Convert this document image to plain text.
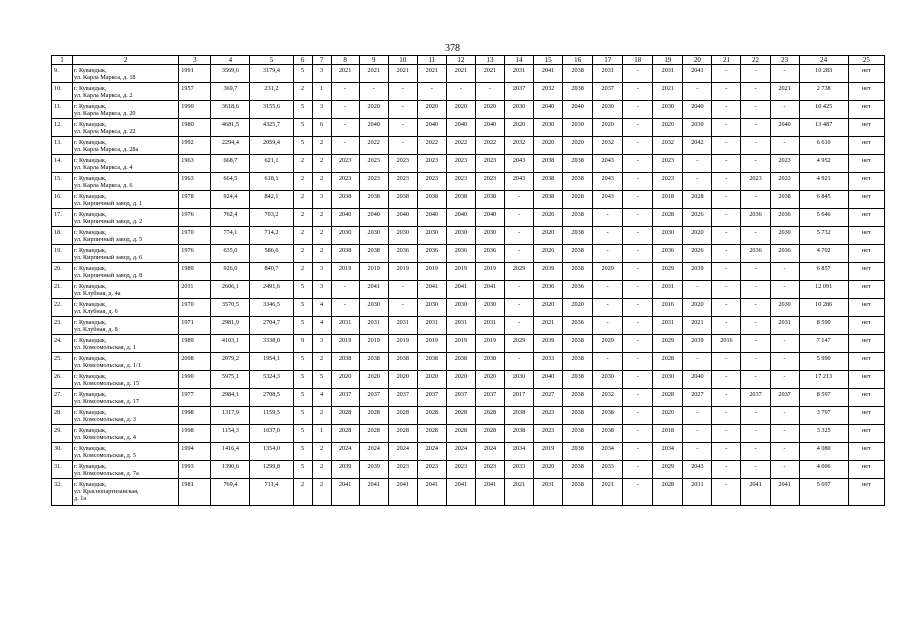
378
1	2	3	4	5	6	7	8	9	10	11	12	13	14	15	16	17	18	19	20	21	22	23	24	25
9.	г. Кувандык,
ул. Карла Маркса, д. 18	1991	3569,6	3179,4	5	3	2021	2021	2021	2021	2021	2021	2031	2041	2038	2031	-	2031	2041	-	-	-	10 283	нет
10.	г. Кувандык,
ул. Карла Маркса, д. 2	1957	369,7	231,2	2	1	-	-	-	-	-	-	2037	2032	2038	2037	-	2021	-	-	-	2021	2 738	нет
11.	г. Кувандык,
ул. Карла Маркса, д. 20	1990	3618,6	3155,6	5	3	-	2020	-	2020	2020	2020	2030	2040	2040	2030	-	2030	2040	-	-	-	10 425	нет
12.	г. Кувандык,
ул. Карла Маркса, д. 22	1980	4681,5	4325,7	5	6	-	2040	-	2040	2040	2040	2020	2030	2030	2020	-	2020	2030	-	-	2040	13 487	нет
13.	г. Кувандык,
ул. Карла Маркса, д. 28а	1992	2294,4	2059,4	5	2	-	2022	-	2022	2022	2022	2032	2020	2020	2032	-	2032	2042	-	-	-	6 610	нет
14.	г. Кувандык,
ул. Карла Маркса, д. 4	1963	668,7	621,1	2	2	2023	2023	2023	2023	2023	2023	2043	2038	2038	2043	-	2023	-	-	-	2023	4 952	нет
15.	г. Кувандык,
ул. Карла Маркса, д. 6	1963	664,5	618,1	2	2	2023	2023	2023	2023	2023	2023	2043	2038	2038	2043	-	2023	-	-	2023	2023	4 921	нет
16.	г. Кувандык,
ул. Кирпичный завод, д. 1	1978	924,4	842,1	2	3	2038	2038	2038	2038	2038	2038	-	2038	2028	2043	-	2018	2028	-	-	2038	6 845	нет
17.	г. Кувандык,
ул. Кирпичный завод, д. 2	1976	762,4	703,2	2	2	2040	2040	2040	2040	2040	2040	-	2026	2038	-	-	2028	2026	-	2036	2036	5 646	нет
18.	г. Кувандык,
ул. Кирпичный завод, д. 5	1970	774,1	714,2	2	2	2030	2030	2030	2030	2030	2030	-	2020	2038	-	-	2030	2020	-	-	2030	5 732	нет
19.	г. Кувандык,
ул. Кирпичный завод, д. 6	1976	635,0	586,6	2	2	2038	2038	2036	2036	2036	2036	-	2026	2038	-	-	2036	2026	-	2036	2036	4 702	нет
20.	г. Кувандык,
ул. Кирпичный завод, д. 8	1989	926,0	840,7	2	3	2019	2019	2019	2019	2019	2019	2029	2039	2038	2029	-	2029	2039	-	-	-	6 857	нет
21.	г. Кувандык,
ул. Клубная, д. 4а	2011	2606,1	2491,6	5	3	-	2041	-	2041	2041	2041	-	2036	2036	-	-	2031	-	-	-	-	12 091	нет
22.	г. Кувандык,
ул. Клубная, д. 6	1970	3570,5	3346,5	5	4	-	2030	-	2030	2030	2030	-	2020	2020	-	-	2016	2020	-	-	2030	10 286	нет
23.	г. Кувандык,
ул. Клубная, д. 8	1971	2981,9	2704,7	5	4	2031	2031	2031	2031	2031	2031	-	2021	2036	-	-	2031	2021	-	-	2031	8 590	нет
24.	г. Кувандык,
ул. Комсомольская, д. 1	1989	4103,1	3338,0	9	3	2019	2019	2019	2019	2019	2019	2029	2039	2038	2029	-	2029	2039	2016	-	-	7 147	нет
25.	г. Кувандык,
ул. Комсомольская, д. 1/1	2008	2079,2	1954,1	5	2	2038	2038	2038	2038	2038	2038	-	2033	2038	-	-	2028	-	-	-	-	5 990	нет
26.	г. Кувандык,
ул. Комсомольская, д. 15	1990	5975,1	5324,3	5	5	2020	2020	2020	2020	2020	2020	2030	2040	2038	2030	-	2030	2040	-	-	-	17 213	нет
27.	г. Кувандык,
ул. Комсомольская, д. 17	1977	2984,1	2708,5	5	4	2037	2037	2037	2037	2037	2037	2017	2027	2038	2032	-	2028	2027	-	2037	2037	8 597	нет
28.	г. Кувандык,
ул. Комсомольская, д. 3	1998	1317,9	1159,5	5	2	2028	2028	2028	2028	2028	2028	2038	2023	2038	2038	-	2020	-	-	-	-	3 797	нет
29.	г. Кувандык,
ул. Комсомольская, д. 4	1998	1154,3	1037,0	5	1	2028	2028	2028	2028	2028	2028	2038	2023	2038	2038	-	2018	-	-	-	-	3 325	нет
30.	г. Кувандык,
ул. Комсомольская, д. 5	1994	1416,4	1354,0	5	2	2024	2024	2024	2024	2024	2024	2034	2019	2038	2034	-	2034	-	-	-	-	4 080	нет
31.	г. Кувандык,
ул. Комсомольская, д. 7а	1993	1390,6	1299,8	5	2	2039	2039	2023	2023	2023	2023	2033	2020	2038	2033	-	2029	2043	-	-	-	4 006	нет
32.	г. Кувандык,
ул. Краснопартизанская,
д. 1а	1981	769,4	711,4	2	2	2041	2041	2041	2041	2041	2041	2021	2031	2038	2021	-	2028	2031	-	2041	2041	5 697	нет
